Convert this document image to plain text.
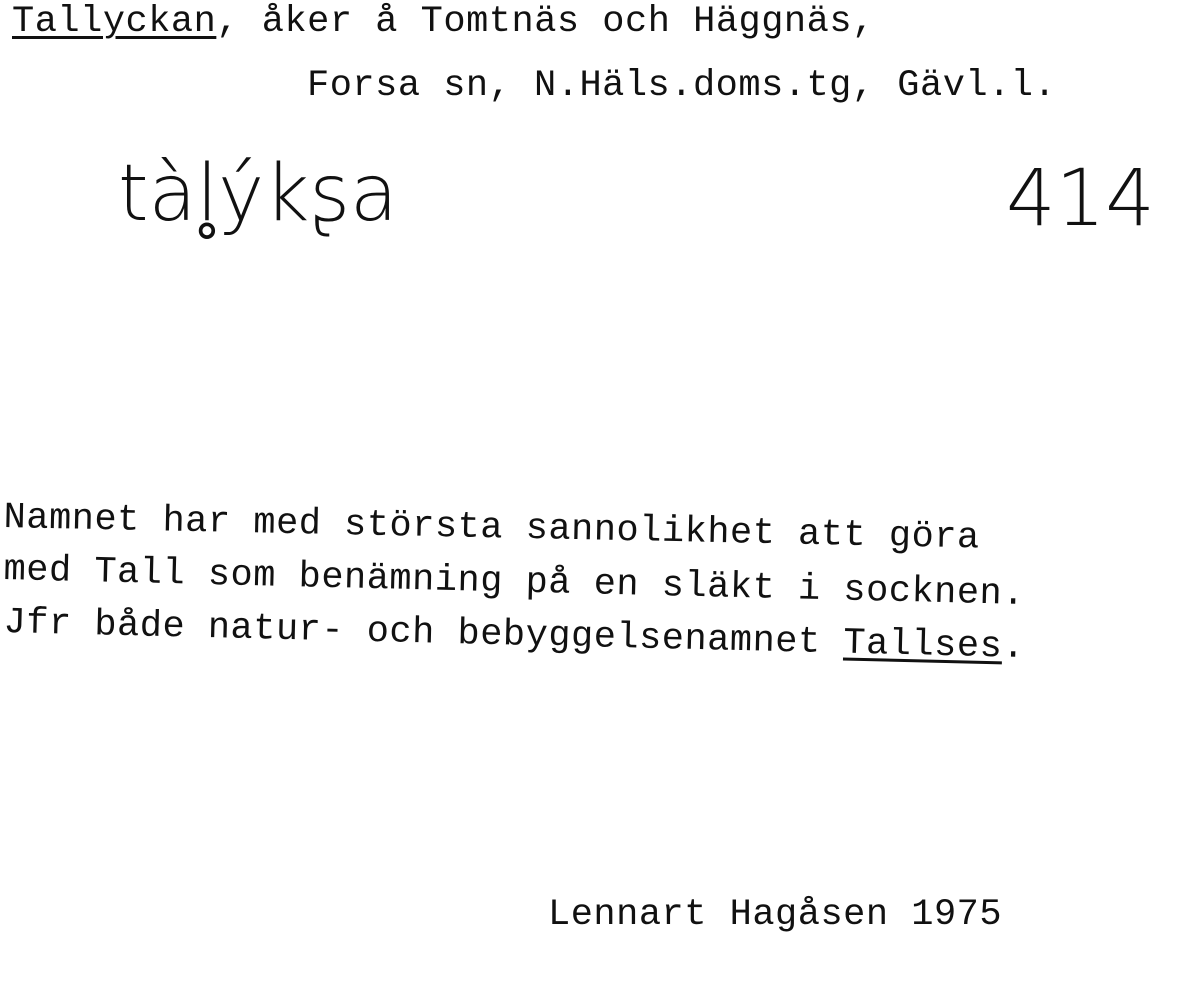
Tallyckan, åker å Tomtnäs och Häggnäs,
Forsa sn, N.Häls.doms.tg, Gävl.l.
tàl̥ýkʂa	414
Namnet har med största sannolikhet att göra
med Tall som benämning på en släkt i socknen.
Jfr både natur- och bebyggelsenamnet Tallses.
Lennart Hagåsen 1975
